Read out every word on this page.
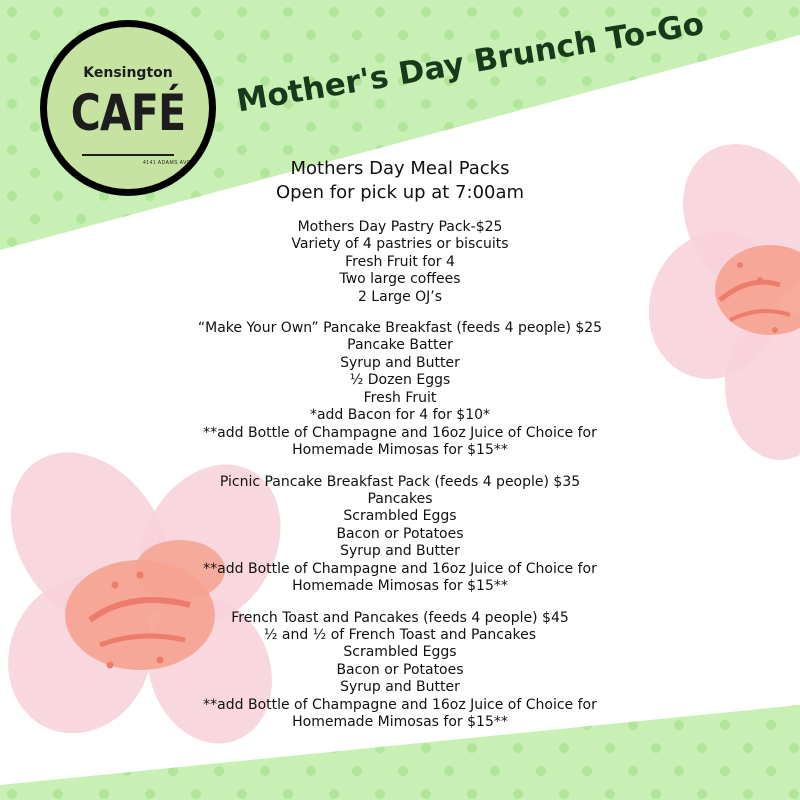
Kensington
CAFÉ
4141 ADAMS AVE.
Mother's Day Brunch To-Go
Mothers Day Meal Packs
Open for pick up at 7:00am
Mothers Day Pastry Pack-$25
Variety of 4 pastries or biscuits
Fresh Fruit for 4
Two large coffees
2 Large OJ’s
“Make Your Own” Pancake Breakfast (feeds 4 people) $25
Pancake Batter
Syrup and Butter
½ Dozen Eggs
Fresh Fruit
*add Bacon for 4 for $10*
**add Bottle of Champagne and 16oz Juice of Choice for
Homemade Mimosas for $15**
Picnic Pancake Breakfast Pack (feeds 4 people) $35
Pancakes
Scrambled Eggs
Bacon or Potatoes
Syrup and Butter
**add Bottle of Champagne and 16oz Juice of Choice for
Homemade Mimosas for $15**
French Toast and Pancakes (feeds 4 people) $45
½ and ½ of French Toast and Pancakes
Scrambled Eggs
Bacon or Potatoes
Syrup and Butter
**add Bottle of Champagne and 16oz Juice of Choice for
Homemade Mimosas for $15**
